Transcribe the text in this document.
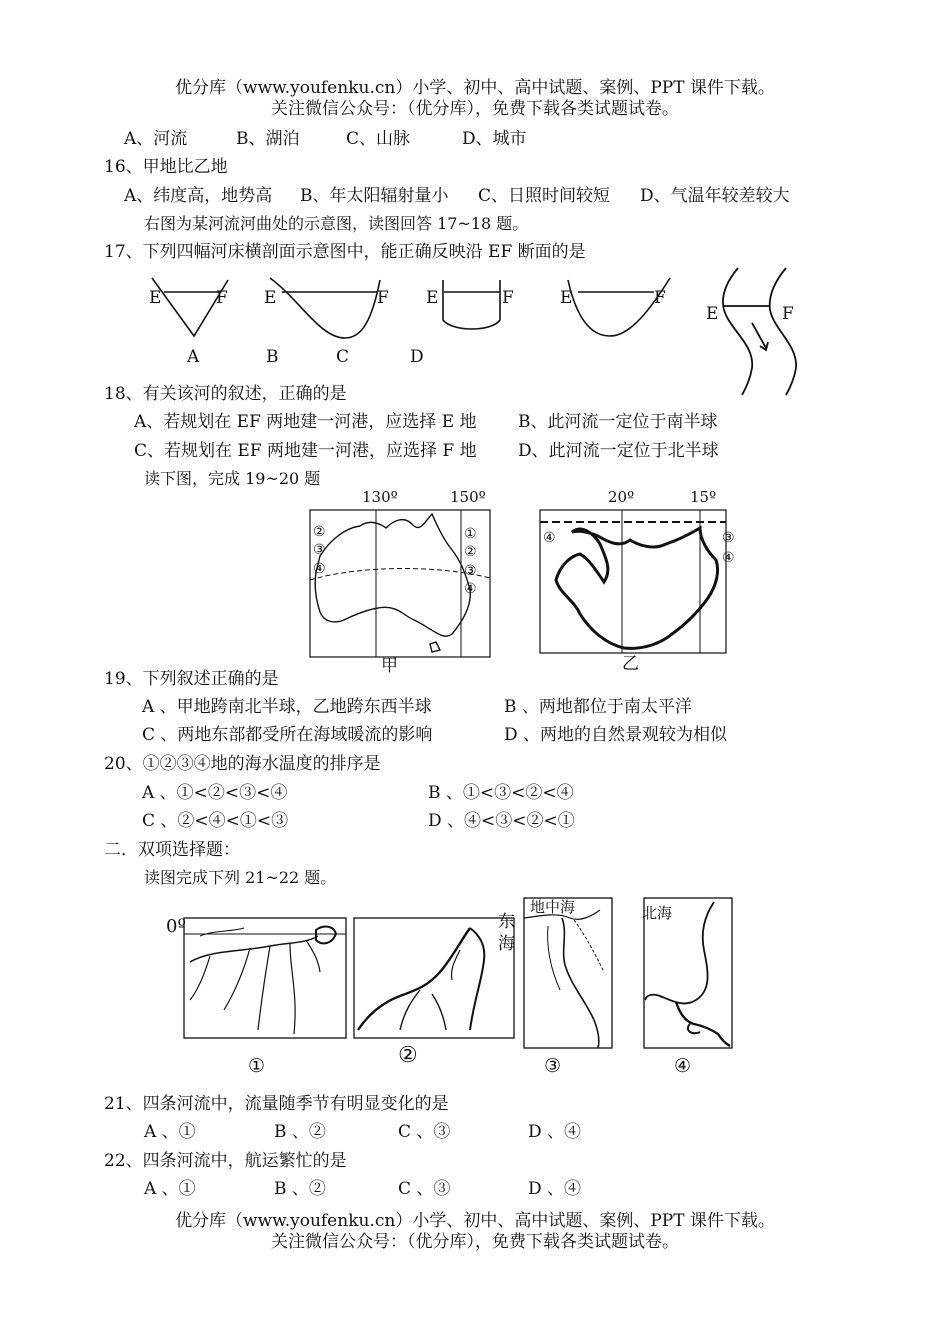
优分库（www.youfenku.cn）小学、初中、高中试题、案例、PPT 课件下载。
关注微信公众号：（优分库），免费下载各类试题试卷。
A、河流	B、湖泊	C、山脉	D、城市
16、甲地比乙地
A、纬度高，地势高 B、年太阳辐射量小 C、日照时间较短 D、气温年较差较大
右图为某河流河曲处的示意图，读图回答 17~18 题。
17、下列四幅河床横剖面示意图中，能正确反映沿 EF 断面的是
E	F E	F E	F	E	F
E	F
A	B	C	D
18、有关该河的叙述，正确的是
A、若规划在 EF 两地建一河港，应选择 E 地 B、此河流一定位于南半球
C、若规划在 EF 两地建一河港，应选择 F 地 D、此河流一定位于北半球
读下图，完成 19~20 题
130º	150º	20º	15º
②
③
④
①
②
③
④
④	③
④
甲	乙
19、下列叙述正确的是
A 、甲地跨南北半球，乙地跨东西半球	B 、两地都位于南太平洋
C 、两地东部都受所在海域暖流的影响	D 、两地的自然景观较为相似
20、①②③④地的海水温度的排序是
A 、①<②<③<④	B 、①<③<②<④
C 、②<④<①<③	D 、④<③<②<①
二．双项选择题：
读图完成下列 21~22 题。
0º	东
海
地中海	北海
①	②	③	④
21、四条河流中，流量随季节有明显变化的是
A 、①	B 、②	C 、③	D 、④
22、四条河流中，航运繁忙的是
A 、①	B 、②	C 、③	D 、④
优分库（www.youfenku.cn）小学、初中、高中试题、案例、PPT 课件下载。
关注微信公众号：（优分库），免费下载各类试题试卷。
